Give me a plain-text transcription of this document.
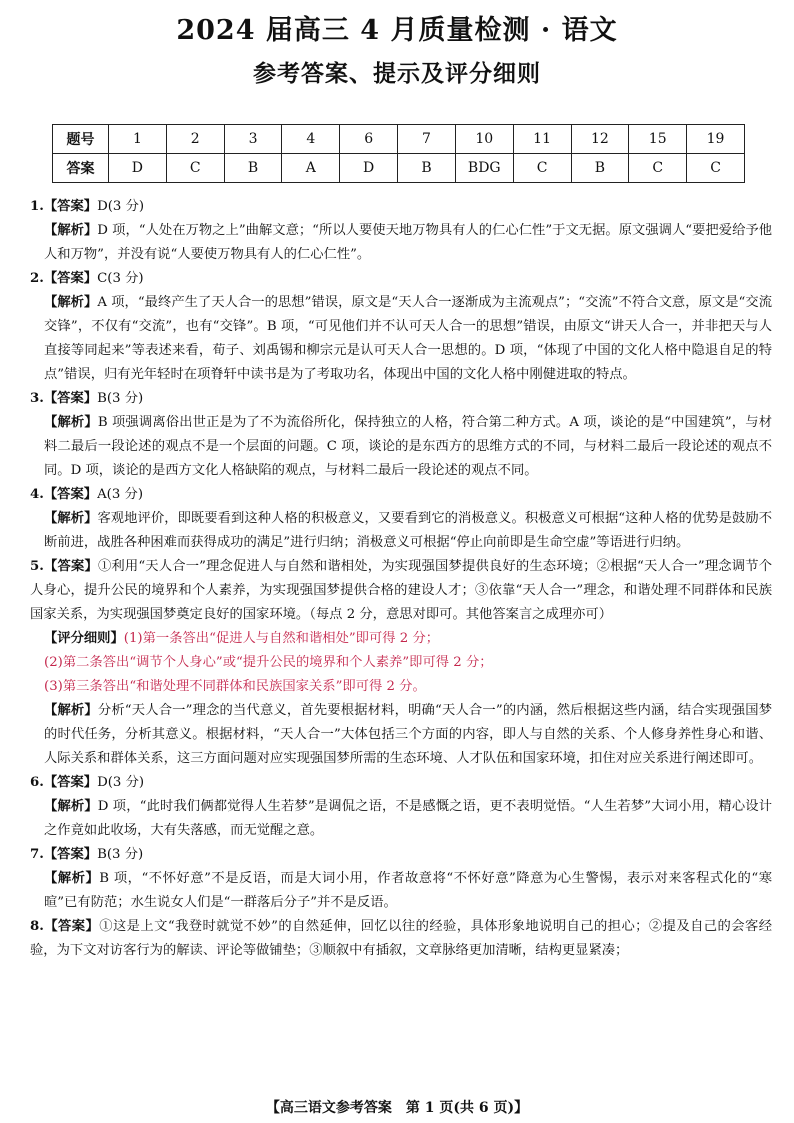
2024 届高三 4 月质量检测 · 语文
参考答案、提示及评分细则
题号	1	2	3	4	6	7	10	11	12	15	19
答案	D	C	B	A	D	B	BDG	C	B	C	C

1.【答案】D(3 分)

【解析】D 项，“人处在万物之上”曲解文意；“所以人要使天地万物具有人的仁心仁性”于文无据。原文强调人“要把爱给予他人和万物”，并没有说“人要使万物具有人的仁心仁性”。

2.【答案】C(3 分)

【解析】A 项，“最终产生了天人合一的思想”错误，原文是“天人合一逐渐成为主流观点”；“交流”不符合文意，原文是“交流交锋”，不仅有“交流”，也有“交锋”。B 项，“可见他们并不认可天人合一的思想”错误，由原文“讲天人合一，并非把天与人直接等同起来”等表述来看，荀子、刘禹锡和柳宗元是认可天人合一思想的。D 项，“体现了中国的文化人格中隐退自足的特点”错误，归有光年轻时在项脊轩中读书是为了考取功名，体现出中国的文化人格中刚健进取的特点。

3.【答案】B(3 分)

【解析】B 项强调离俗出世正是为了不为流俗所化，保持独立的人格，符合第二种方式。A 项，谈论的是“中国建筑”，与材料二最后一段论述的观点不是一个层面的问题。C 项，谈论的是东西方的思维方式的不同，与材料二最后一段论述的观点不同。D 项，谈论的是西方文化人格缺陷的观点，与材料二最后一段论述的观点不同。

4.【答案】A(3 分)

【解析】客观地评价，即既要看到这种人格的积极意义，又要看到它的消极意义。积极意义可根据“这种人格的优势是鼓励不断前进，战胜各种困难而获得成功的满足”进行归纳；消极意义可根据“停止向前即是生命空虚”等语进行归纳。

5.【答案】①利用“天人合一”理念促进人与自然和谐相处，为实现强国梦提供良好的生态环境；②根据“天人合一”理念调节个人身心，提升公民的境界和个人素养，为实现强国梦提供合格的建设人才；③依靠“天人合一”理念，和谐处理不同群体和民族国家关系，为实现强国梦奠定良好的国家环境。（每点 2 分，意思对即可。其他答案言之成理亦可）

【评分细则】(1)第一条答出“促进人与自然和谐相处”即可得 2 分；

(2)第二条答出“调节个人身心”或“提升公民的境界和个人素养”即可得 2 分；

(3)第三条答出“和谐处理不同群体和民族国家关系”即可得 2 分。

【解析】分析“天人合一”理念的当代意义，首先要根据材料，明确“天人合一”的内涵，然后根据这些内涵，结合实现强国梦的时代任务，分析其意义。根据材料，“天人合一”大体包括三个方面的内容，即人与自然的关系、个人修身养性身心和谐、人际关系和群体关系，这三方面问题对应实现强国梦所需的生态环境、人才队伍和国家环境，扣住对应关系进行阐述即可。

6.【答案】D(3 分)

【解析】D 项，“此时我们俩都觉得人生若梦”是调侃之语，不是感慨之语，更不表明觉悟。“人生若梦”大词小用，精心设计之作竟如此收场，大有失落感，而无觉醒之意。

7.【答案】B(3 分)

【解析】B 项，“不怀好意”不是反语，而是大词小用，作者故意将“不怀好意”降意为心生警惕，表示对来客程式化的“寒暄”已有防范；水生说女人们是“一群落后分子”并不是反语。

8.【答案】①这是上文“我登时就觉不妙”的自然延伸，回忆以往的经验，具体形象地说明自己的担心；②提及自己的会客经验，为下文对访客行为的解读、评论等做铺垫；③顺叙中有插叙，文章脉络更加清晰，结构更显紧凑；

【高三语文参考答案　第 1 页(共 6 页)】
